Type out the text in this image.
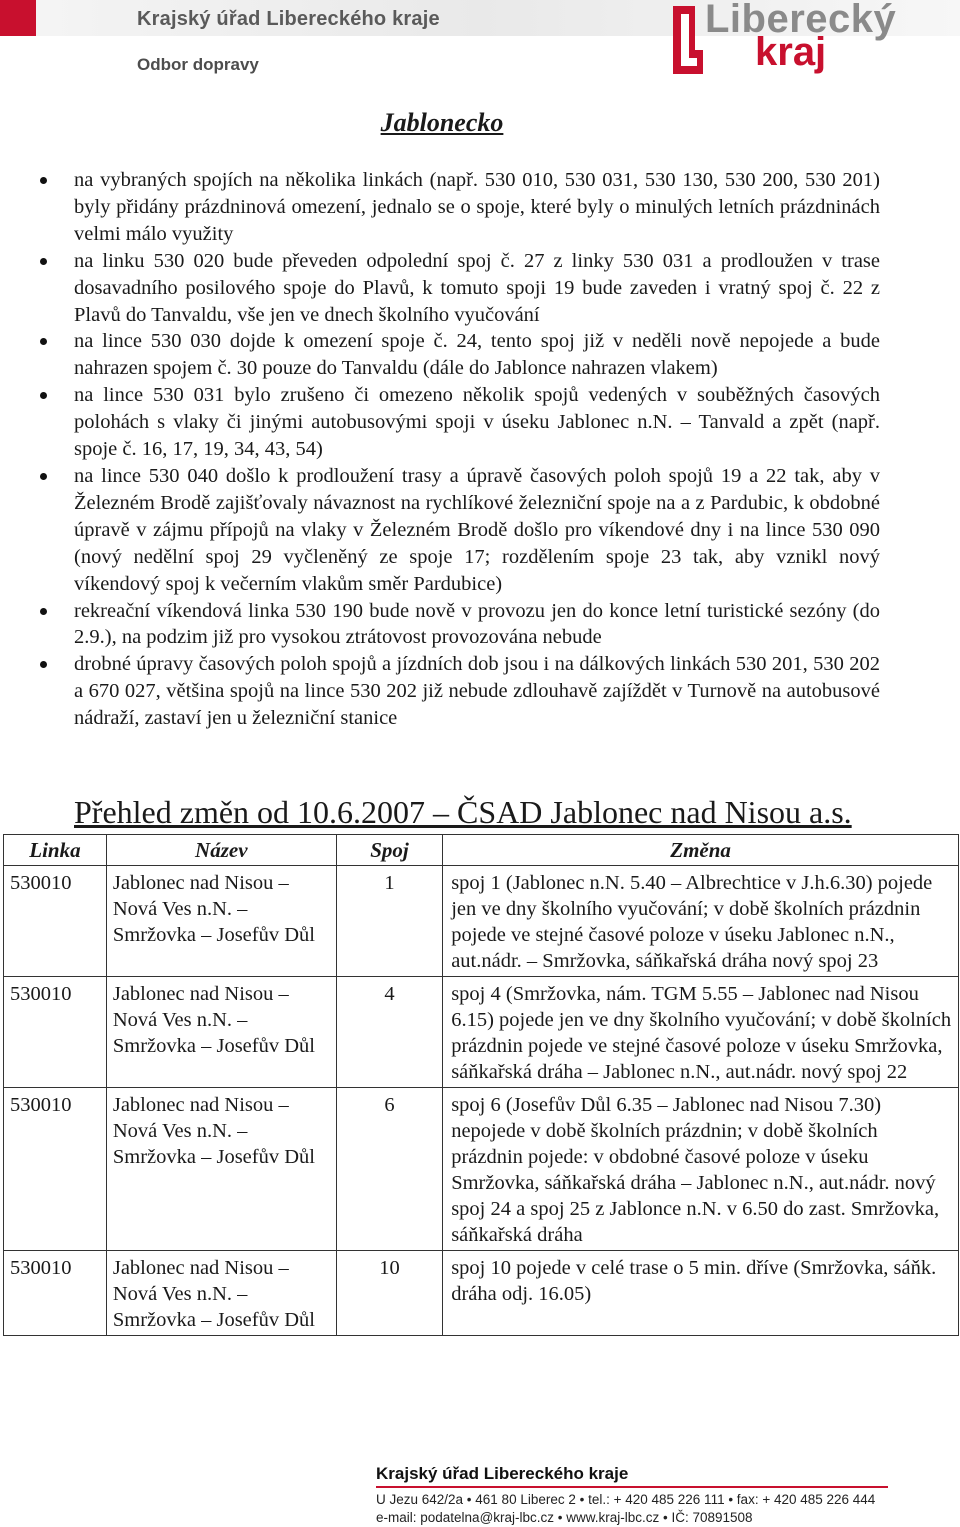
Krajský úřad Libereckého kraje
Odbor dopravy
Liberecký
kraj
Jablonecko
na vybraných spojích na několika linkách (např. 530 010, 530 031, 530 130, 530 200, 530 201) byly přidány prázdninová omezení, jednalo se o spoje, které byly o minulých letních prázdninách velmi málo využity
na linku 530 020 bude převeden odpolední spoj č. 27 z linky 530 031 a prodloužen v trase dosavadního posilového spoje do Plavů, k tomuto spoji 19 bude zaveden i vratný spoj č. 22 z Plavů do Tanvaldu, vše jen ve dnech školního vyučování
na lince 530 030 dojde k omezení spoje č. 24, tento spoj již v neděli nově nepojede a bude nahrazen spojem č. 30 pouze do Tanvaldu (dále do Jablonce nahrazen vlakem)
na lince 530 031 bylo zrušeno či omezeno několik spojů vedených v souběžných časových polohách s vlaky či jinými autobusovými spoji v úseku Jablonec n.N. – Tanvald a zpět (např. spoje č. 16, 17, 19, 34, 43, 54)
na lince 530 040 došlo k prodloužení trasy a úpravě časových poloh spojů 19 a 22 tak, aby v Železném Brodě zajišťovaly návaznost na rychlíkové železniční spoje na a z Pardubic, k obdobné úpravě v zájmu přípojů na vlaky v Železném Brodě došlo pro víkendové dny i na lince 530 090 (nový nedělní spoj 29 vyčleněný ze spoje 17; rozdělením spoje 23 tak, aby vznikl nový víkendový spoj k večerním vlakům směr Pardubice)
rekreační víkendová linka 530 190 bude nově v provozu jen do konce letní turistické sezóny (do 2.9.), na podzim již pro vysokou ztrátovost provozována nebude
drobné úpravy časových poloh spojů a jízdních dob jsou i na dálkových linkách 530 201, 530 202 a 670 027, většina spojů na lince 530 202 již nebude zdlouhavě zajíždět v Turnově na autobusové nádraží, zastaví jen u železniční stanice
Přehled změn od 10.6.2007 – ČSAD Jablonec nad Nisou a.s.
Linka	Název	Spoj	Změna
530010	Jablonec nad Nisou – Nová Ves n.N. – Smržovka – Josefův Důl	1	spoj 1 (Jablonec n.N. 5.40 – Albrechtice v J.h.6.30) pojede jen ve dny školního vyučování; v době školních prázdnin pojede ve stejné časové poloze v úseku Jablonec n.N., aut.nádr. – Smržovka, sáňkařská dráha nový spoj 23
530010	Jablonec nad Nisou – Nová Ves n.N. – Smržovka – Josefův Důl	4	spoj 4 (Smržovka, nám. TGM 5.55 – Jablonec nad Nisou 6.15) pojede jen ve dny školního vyučování; v době školních prázdnin pojede ve stejné časové poloze v úseku Smržovka, sáňkařská dráha – Jablonec n.N., aut.nádr. nový spoj 22
530010	Jablonec nad Nisou – Nová Ves n.N. – Smržovka – Josefův Důl	6	spoj 6 (Josefův Důl 6.35 – Jablonec nad Nisou 7.30) nepojede v době školních prázdnin; v době školních prázdnin pojede: v obdobné časové poloze v úseku Smržovka, sáňkařská dráha – Jablonec n.N., aut.nádr. nový spoj 24 a spoj 25 z Jablonce n.N. v 6.50 do zast. Smržovka, sáňkařská dráha
530010	Jablonec nad Nisou – Nová Ves n.N. – Smržovka – Josefův Důl	10	spoj 10 pojede v celé trase o 5 min. dříve (Smržovka, sáňk. dráha odj. 16.05)
Krajský úřad Libereckého kraje
U Jezu 642/2a • 461 80 Liberec 2 • tel.: + 420 485 226 111 • fax: + 420 485 226 444
e-mail: podatelna@kraj-lbc.cz • www.kraj-lbc.cz • IČ: 70891508
